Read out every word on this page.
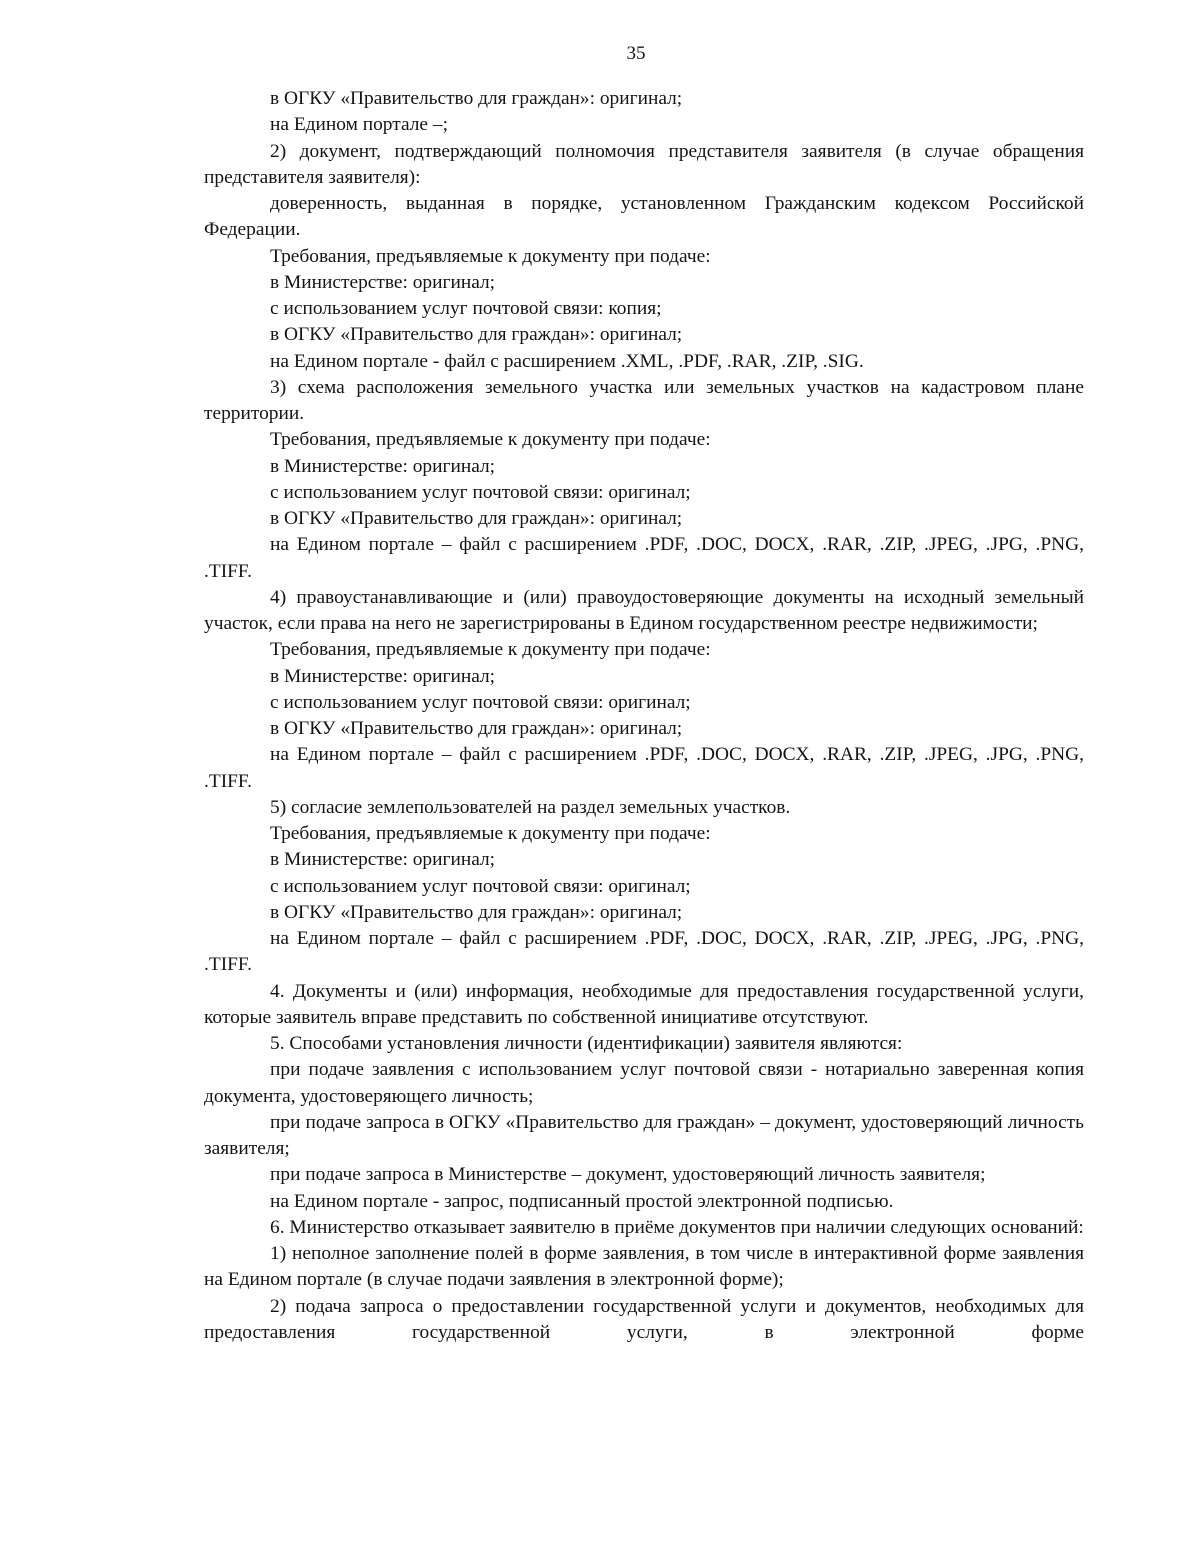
35

в ОГКУ «Правительство для граждан»: оригинал;

на Едином портале –;

2) документ, подтверждающий полномочия представителя заявителя (в случае обращения представителя заявителя):

доверенность, выданная в порядке, установленном Гражданским кодексом Российской Федерации.

Требования, предъявляемые к документу при подаче:

в Министерстве: оригинал;

с использованием услуг почтовой связи: копия;

в ОГКУ «Правительство для граждан»: оригинал;

на Едином портале - файл с расширением .XML, .PDF, .RAR, .ZIP, .SIG.

3) схема расположения земельного участка или земельных участков на кадастровом плане территории.

Требования, предъявляемые к документу при подаче:

в Министерстве: оригинал;

с использованием услуг почтовой связи: оригинал;

в ОГКУ «Правительство для граждан»: оригинал;

на Едином портале – файл с расширением .PDF, .DOC, DOCX, .RAR, .ZIP, .JPEG, .JPG, .PNG, .TIFF.

4) правоустанавливающие и (или) правоудостоверяющие документы на исходный земельный участок, если права на него не зарегистрированы в Едином государственном реестре недвижимости;

Требования, предъявляемые к документу при подаче:

в Министерстве: оригинал;

с использованием услуг почтовой связи: оригинал;

в ОГКУ «Правительство для граждан»: оригинал;

на Едином портале – файл с расширением .PDF, .DOC, DOCX, .RAR, .ZIP, .JPEG, .JPG, .PNG, .TIFF.

5) согласие землепользователей на раздел земельных участков.

Требования, предъявляемые к документу при подаче:

в Министерстве: оригинал;

с использованием услуг почтовой связи: оригинал;

в ОГКУ «Правительство для граждан»: оригинал;

на Едином портале – файл с расширением .PDF, .DOC, DOCX, .RAR, .ZIP, .JPEG, .JPG, .PNG, .TIFF.

4. Документы и (или) информация, необходимые для предоставления государственной услуги, которые заявитель вправе представить по собственной инициативе отсутствуют.

5. Способами установления личности (идентификации) заявителя являются:

при подаче заявления с использованием услуг почтовой связи - нотариально заверенная копия документа, удостоверяющего личность;

при подаче запроса в ОГКУ «Правительство для граждан» – документ, удостоверяющий личность заявителя;

при подаче запроса в Министерстве – документ, удостоверяющий личность заявителя;

на Едином портале - запрос, подписанный простой электронной подписью.

6. Министерство отказывает заявителю в приёме документов при наличии следующих оснований:

1) неполное заполнение полей в форме заявления, в том числе в интерактивной форме заявления на Едином портале (в случае подачи заявления в электронной форме);

2) подача запроса о предоставлении государственной услуги и документов, необходимых для предоставления государственной услуги, в электронной форме
